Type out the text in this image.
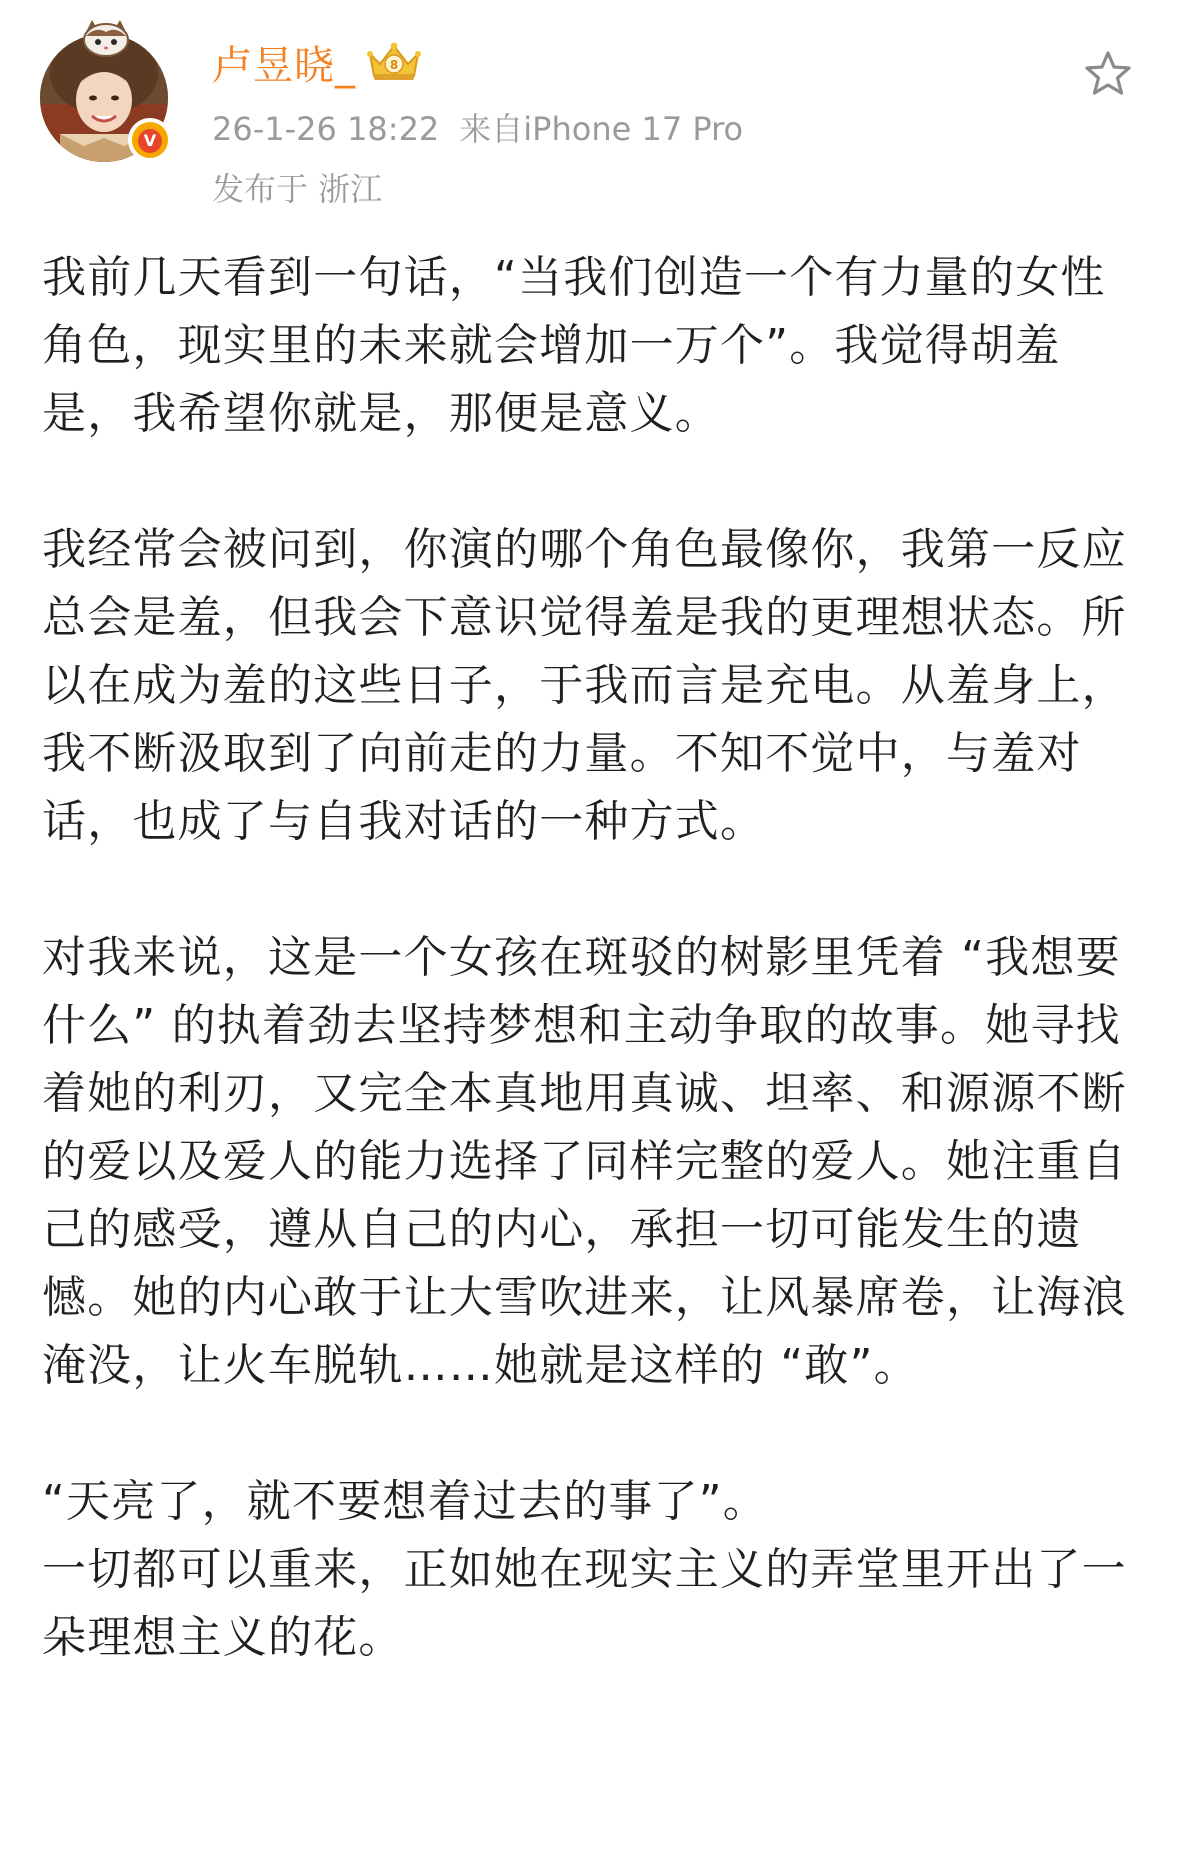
V
卢昱晓_	8
26-1-26 18:22 来自iPhone 17 Pro
发布于 浙江

我前几天看到一句话，“当我们创造一个有力量的女性角色，现实里的未来就会增加一万个”。我觉得胡羞是，我希望你就是，那便是意义。

我经常会被问到，你演的哪个角色最像你，我第一反应总会是羞，但我会下意识觉得羞是我的更理想状态。所以在成为羞的这些日子，于我而言是充电。从羞身上，我不断汲取到了向前走的力量。不知不觉中，与羞对话，也成了与自我对话的一种方式。

对我来说，这是一个女孩在斑驳的树影里凭着 “我想要什么” 的执着劲去坚持梦想和主动争取的故事。她寻找着她的利刃，又完全本真地用真诚、坦率、和源源不断的爱以及爱人的能力选择了同样完整的爱人。她注重自己的感受，遵从自己的内心，承担一切可能发生的遗憾。她的内心敢于让大雪吹进来，让风暴席卷，让海浪淹没，让火车脱轨……她就是这样的 “敢”。

“天亮了，就不要想着过去的事了”。

一切都可以重来，正如她在现实主义的弄堂里开出了一朵理想主义的花。
